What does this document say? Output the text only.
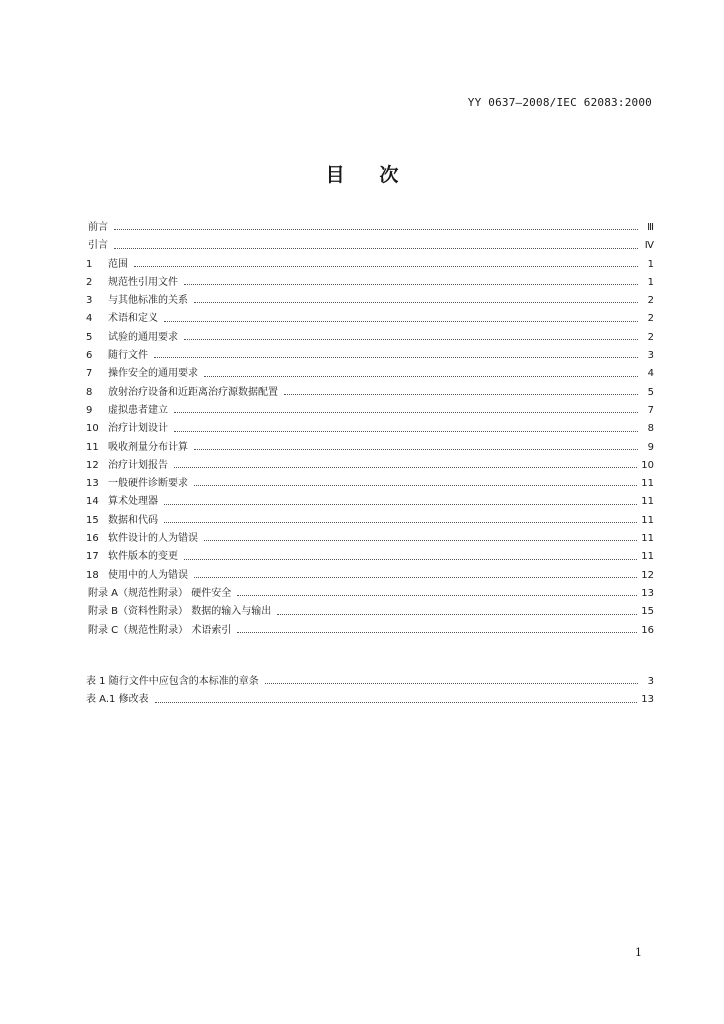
YY 0637—2008/IEC 62083:2000
目 次
前言	Ⅲ
引言	Ⅳ
1	范围	1
2	规范性引用文件	1
3	与其他标准的关系	2
4	术语和定义	2
5	试验的通用要求	2
6	随行文件	3
7	操作安全的通用要求	4
8	放射治疗设备和近距离治疗源数据配置	5
9	虚拟患者建立	7
10 治疗计划设计	8
11 吸收剂量分布计算	9
12 治疗计划报告	10
13 一般硬件诊断要求	11
14 算术处理器	11
15 数据和代码	11
16 软件设计的人为错误	11
17 软件版本的变更	11
18 使用中的人为错误	12
附录 A（规范性附录） 硬件安全	13
附录 B（资料性附录） 数据的输入与输出	15
附录 C（规范性附录） 术语索引	16
表 1 随行文件中应包含的本标准的章条	3
表 A.1 修改表	13
1
